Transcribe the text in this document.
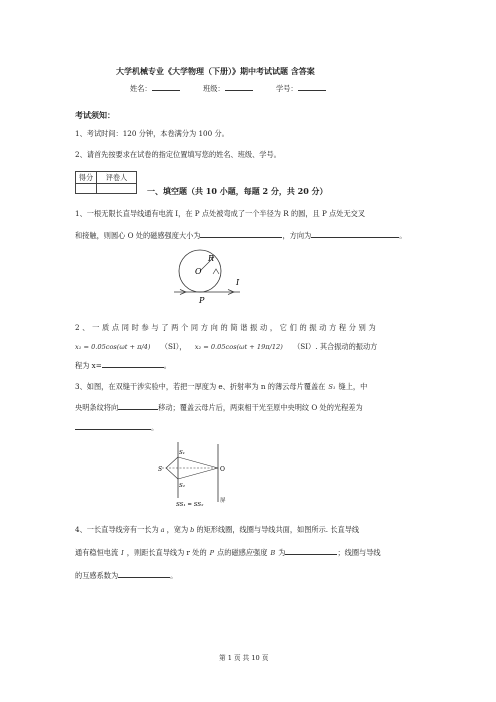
大学机械专业《大学物理（下册）》期中考试试题 含答案
姓名：	班级：	学号：
考试须知：
1、考试时间：120 分钟，本卷满分为 100 分。
2、请首先按要求在试卷的指定位置填写您的姓名、班级、学号。
得分	评卷人
一、填空题（共 10 小题，每题 2 分，共 20 分）
1、一根无限长直导线通有电流 I，在 P 点处被弯成了一个半径为 R 的圆，且 P 点处无交叉
和接触，则圆心 O 处的磁感强度大小为	，方向为	。
R
O
I
P
2 、 一 质 点 同 时 参 与 了 两 个 同 方 向 的 简 谐 振 动 ， 它 们 的 振 动 方 程 分 别 为
x₁ = 0.05cos(ωt + π/4) （SI）， x₂ = 0.05cos(ωt + 19π/12) （SI）. 其合振动的振动方
程为 x=	。
3、如图，在双缝干涉实验中，若把一厚度为 e、折射率为 n 的薄云母片覆盖在 S₁ 缝上，中
央明条纹将向	移动；覆盖云母片后，两束相干光至原中央明纹 O 处的光程差为
。
S
S₁
S₂
O
SS₁ = SS₂
屏
4、一长直导线旁有一长为 a ，宽为 b 的矩形线圈，线圈与导线共面，如图所示. 长直导线
通有稳恒电流 I ，则距长直导线为 r 处的 P 点的磁感应强度 B 为	；线圈与导线
的互感系数为	。
第 1 页 共 10 页
